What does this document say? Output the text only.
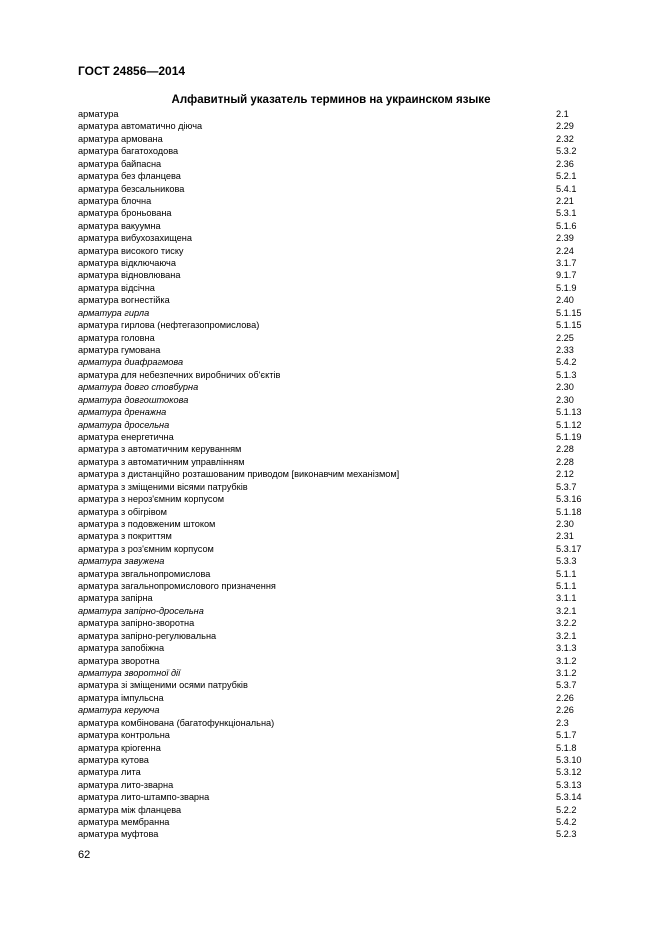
ГОСТ 24856—2014
Алфавитный указатель терминов на украинском языке
арматура	2.1
арматура автоматично діюча	2.29
арматура армована	2.32
арматура багатоходова	5.3.2
арматура байпасна	2.36
арматура без фланцева	5.2.1
арматура безсальникова	5.4.1
арматура блочна	2.21
арматура броньована	5.3.1
арматура вакуумна	5.1.6
арматура вибухозахищена	2.39
арматура високого тиску	2.24
арматура відключаюча	3.1.7
арматура відновлювана	9.1.7
арматура відсічна	5.1.9
арматура вогнестійка	2.40
арматура гирла	5.1.15
арматура гирлова (нефтегазопромислова)	5.1.15
арматура головна	2.25
арматура гумована	2.33
арматура диафрагмова	5.4.2
арматура для небезпечних виробничих об'єктів	5.1.3
арматура довго стовбурна	2.30
арматура довгоштокова	2.30
арматура дренажна	5.1.13
арматура дросельна	5.1.12
арматура енергетична	5.1.19
арматура з автоматичним керуванням	2.28
арматура з автоматичним управлінням	2.28
арматура з дистанційно розташованим приводом [виконавчим механізмом]	2.12
арматура з зміщеними вісями патрубків	5.3.7
арматура з нероз'ємним корпусом	5.3.16
арматура з обігрівом	5.1.18
арматура з подовженим штоком	2.30
арматура з покриттям	2.31
арматура з роз'ємним корпусом	5.3.17
арматура завужена	5.3.3
арматура звгальнопромислова	5.1.1
арматура загальнопромислового призначення	5.1.1
арматура запірна	3.1.1
арматура запірно-дросельна	3.2.1
арматура запірно-зворотна	3.2.2
арматура запірно-регулювальна	3.2.1
арматура запобіжна	3.1.3
арматура зворотна	3.1.2
арматура зворотної дії	3.1.2
арматура зі зміщеними осями патрубків	5.3.7
арматура імпульсна	2.26
арматура керуюча	2.26
арматура комбінована (багатофункціональна)	2.3
арматура контрольна	5.1.7
арматура кріогенна	5.1.8
арматура кутова	5.3.10
арматура лита	5.3.12
арматура лито-зварна	5.3.13
арматура лито-штампо-зварна	5.3.14
арматура між фланцева	5.2.2
арматура мембранна	5.4.2
арматура муфтова	5.2.3
62
